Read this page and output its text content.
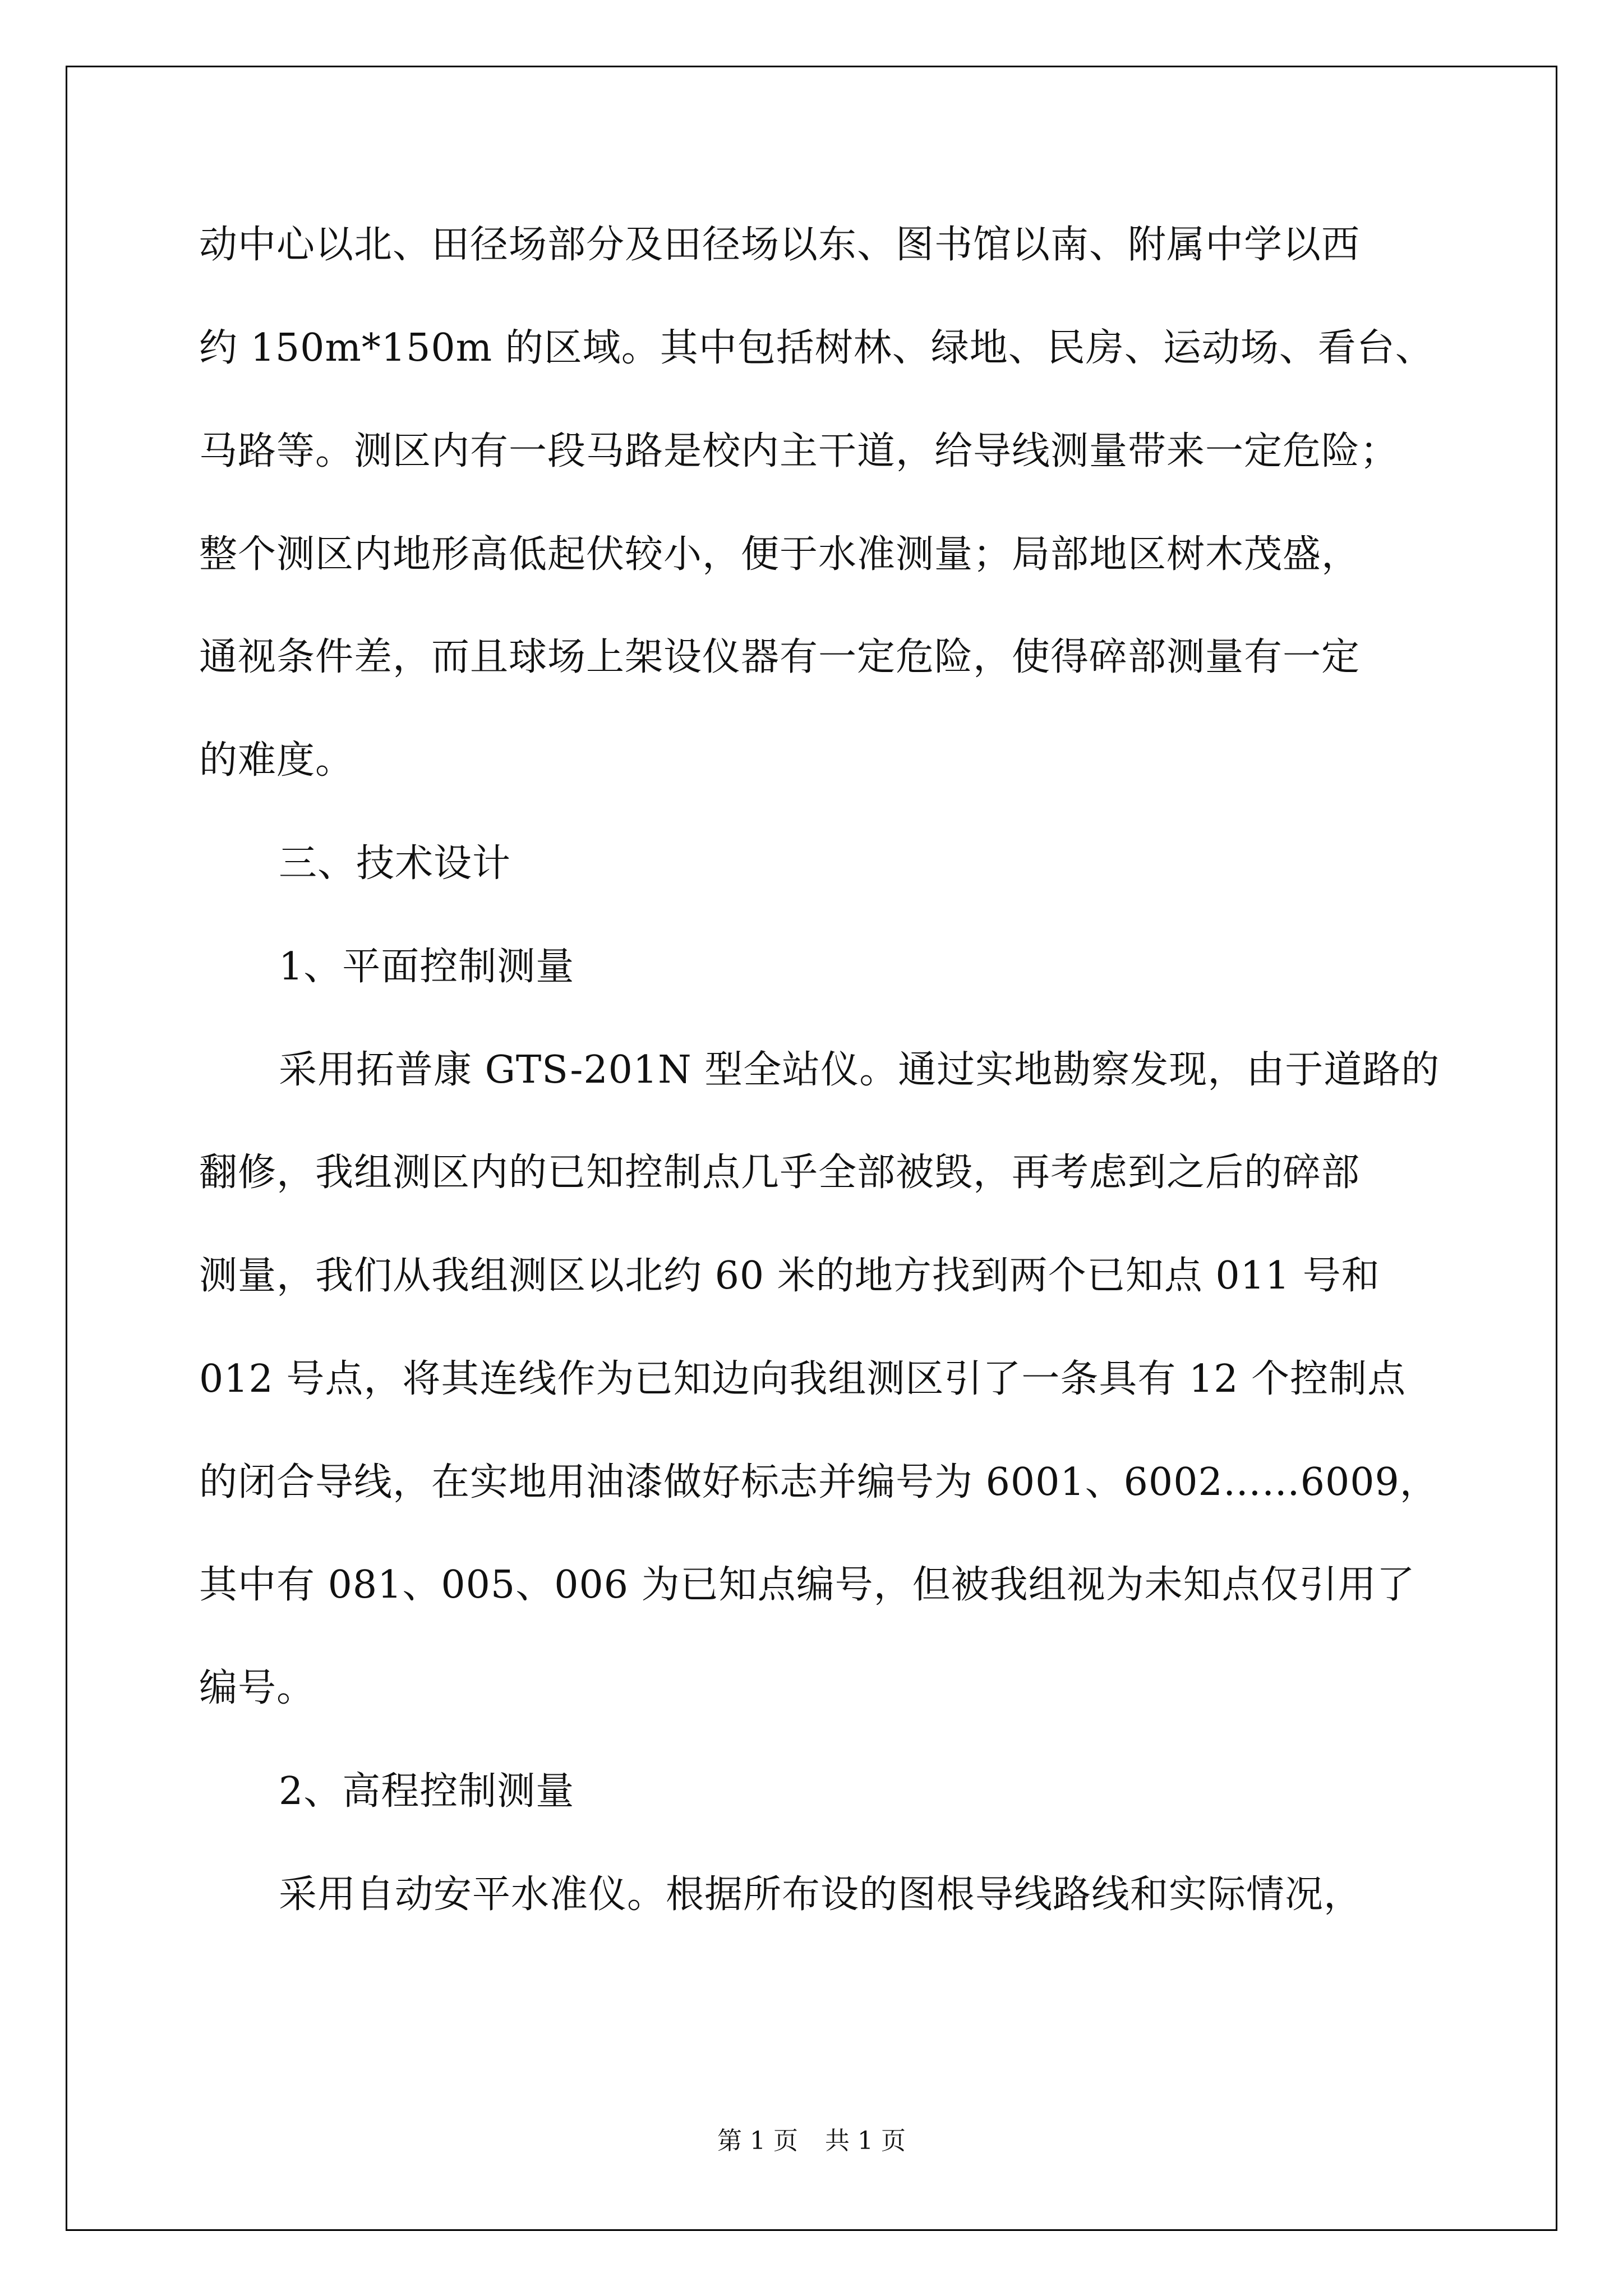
动中心以北、田径场部分及田径场以东、图书馆以南、附属中学以西
约 150m*150m 的区域。其中包括树林、绿地、民房、运动场、看台、
马路等。测区内有一段马路是校内主干道，给导线测量带来一定危险；
整个测区内地形高低起伏较小，便于水准测量；局部地区树木茂盛，
通视条件差，而且球场上架设仪器有一定危险，使得碎部测量有一定
的难度。
三、技术设计
1、平面控制测量
采用拓普康 GTS-201N 型全站仪。通过实地勘察发现，由于道路的
翻修，我组测区内的已知控制点几乎全部被毁，再考虑到之后的碎部
测量，我们从我组测区以北约 60 米的地方找到两个已知点 011 号和
012 号点，将其连线作为已知边向我组测区引了一条具有 12 个控制点
的闭合导线，在实地用油漆做好标志并编号为 6001、6002……6009，
其中有 081、005、006 为已知点编号，但被我组视为未知点仅引用了
编号。
2、高程控制测量
采用自动安平水准仪。根据所布设的图根导线路线和实际情况，
第 1 页 共 1 页
